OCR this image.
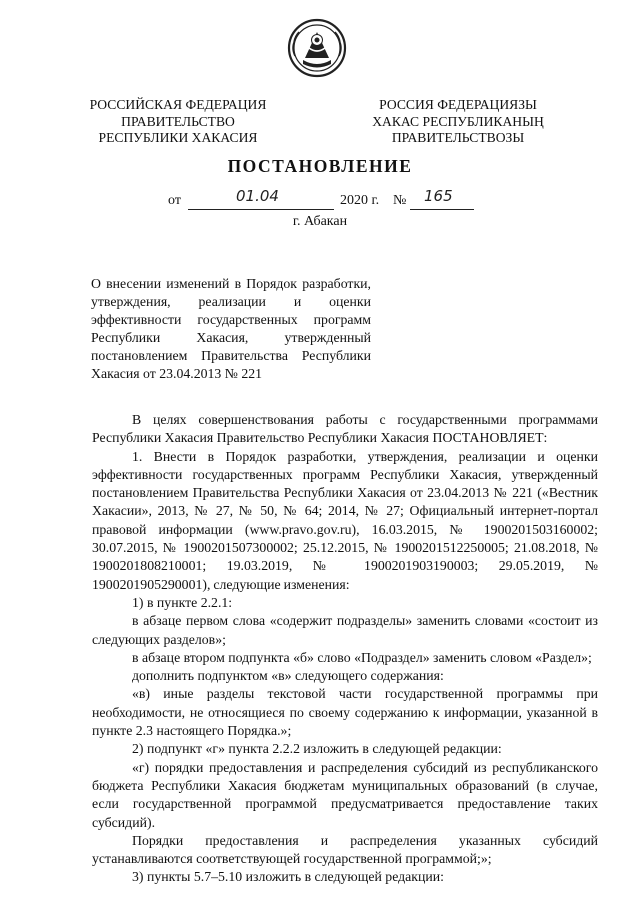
РОССИЙСКАЯ ФЕДЕРАЦИЯ
ПРАВИТЕЛЬСТВО
РЕСПУБЛИКИ ХАКАСИЯ
РОССИЯ ФЕДЕРАЦИЯЗЫ
ХАКАС РЕСПУБЛИКАНЫҢ
ПРАВИТЕЛЬСТВОЗЫ
ПОСТАНОВЛЕНИЕ
от	01.04	2020 г. № 165
г. Абакан
О внесении изменений в Порядок разработки, утверждения, реализации и оценки эффективности государственных программ Республики Хакасия, утвержденный постановлением Правительства Республики Хакасия от 23.04.2013 № 221

В целях совершенствования работы с государственными программами Республики Хакасия Правительство Республики Хакасия ПОСТАНОВЛЯЕТ:

1. Внести в Порядок разработки, утверждения, реализации и оценки эффективности государственных программ Республики Хакасия, утвержденный постановлением Правительства Республики Хакасия от 23.04.2013 № 221 («Вестник Хакасии», 2013, № 27, № 50, № 64; 2014, № 27; Официальный интернет-портал правовой информации (www.pravo.gov.ru), 16.03.2015, № 1900201503160002; 30.07.2015, № 1900201507300002; 25.12.2015, № 1900201512250005; 21.08.2018, № 1900201808210001; 19.03.2019, № 1900201903190003; 29.05.2019, № 1900201905290001), следующие изменения:

1) в пункте 2.2.1:

в абзаце первом слова «содержит подразделы» заменить словами «состоит из следующих разделов»;

в абзаце втором подпункта «б» слово «Подраздел» заменить словом «Раздел»;

дополнить подпунктом «в» следующего содержания:

«в) иные разделы текстовой части государственной программы при необходимости, не относящиеся по своему содержанию к информации, указанной в пункте 2.3 настоящего Порядка.»;

2) подпункт «г» пункта 2.2.2 изложить в следующей редакции:

«г) порядки предоставления и распределения субсидий из республиканского бюджета Республики Хакасия бюджетам муниципальных образований (в случае, если государственной программой предусматривается предоставление таких субсидий).

Порядки предоставления и распределения указанных субсидий устанавливаются соответствующей государственной программой;»;

3) пункты 5.7–5.10 изложить в следующей редакции:
